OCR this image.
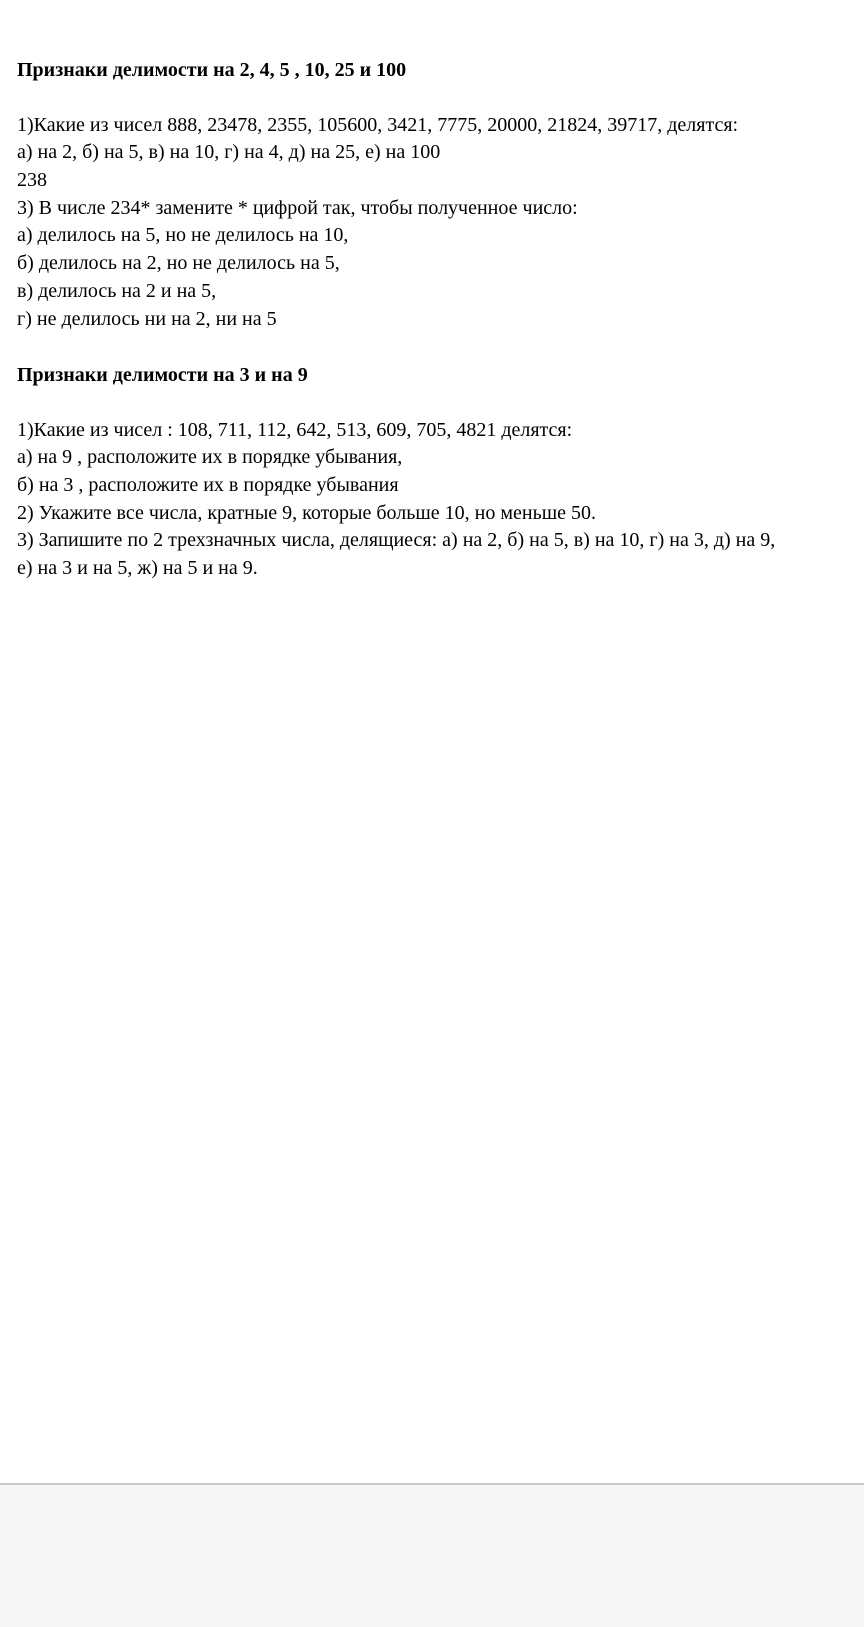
Признаки делимости на 2, 4, 5 , 10, 25 и 100
1)Какие из чисел 888, 23478, 2355, 105600, 3421, 7775, 20000, 21824, 39717, делятся:
а) на 2, б) на 5, в) на 10, г) на 4, д) на 25, е) на 100
238
3) В числе 234* замените * цифрой так, чтобы полученное число:
а) делилось на 5, но не делилось на 10,
б) делилось на 2, но не делилось на 5,
в) делилось на 2 и на 5,
г) не делилось ни на 2, ни на 5
Признаки делимости на 3 и на 9
1)Какие из чисел : 108, 711, 112, 642, 513, 609, 705, 4821 делятся:
а) на 9 , расположите их в порядке убывания,
б) на 3 , расположите их в порядке убывания
2) Укажите все числа, кратные 9, которые больше 10, но меньше 50.
3) Запишите по 2 трехзначных числа, делящиеся: а) на 2, б) на 5, в) на 10, г) на 3, д) на 9,
е) на 3 и на 5, ж) на 5 и на 9.
